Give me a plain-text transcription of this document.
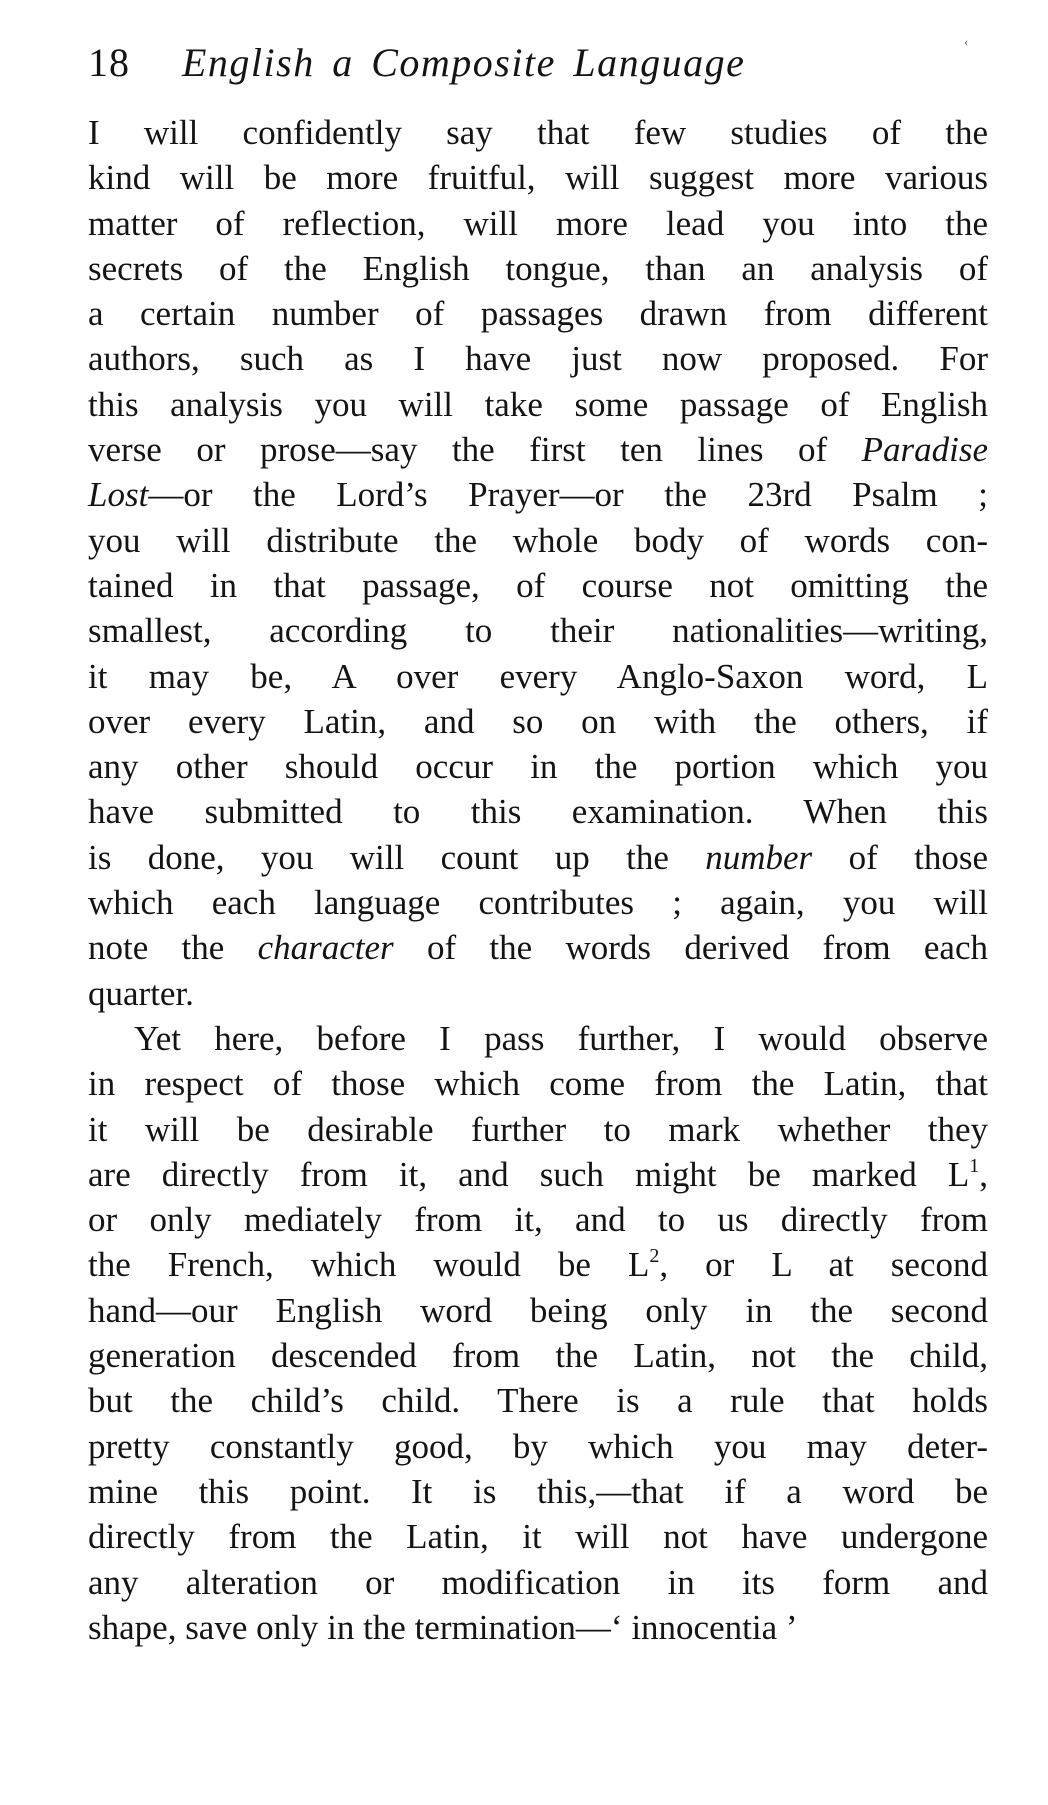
18 English a Composite Language	‹
I will confidently say that few studies of the
kind will be more fruitful, will suggest more various
matter of reflection, will more lead you into the
secrets of the English tongue, than an analysis of
a certain number of passages drawn from different
authors, such as I have just now proposed. For
this analysis you will take some passage of English
verse or prose—say the first ten lines of Paradise
Lost—or the Lord’s Prayer—or the 23rd Psalm ;
you will distribute the whole body of words con-
tained in that passage, of course not omitting the
smallest, according to their nationalities—writing,
it may be, A over every Anglo-Saxon word, L
over every Latin, and so on with the others, if
any other should occur in the portion which you
have submitted to this examination. When this
is done, you will count up the number of those
which each language contributes ; again, you will
note the character of the words derived from each
quarter.
Yet here, before I pass further, I would observe
in respect of those which come from the Latin, that
it will be desirable further to mark whether they
are directly from it, and such might be marked $L^1$,
or only mediately from it, and to us directly from
the French, which would be $L^2$, or L at second
hand—our English word being only in the second
generation descended from the Latin, not the child,
but the child’s child. There is a rule that holds
pretty constantly good, by which you may deter-
mine this point. It is this,—that if a word be
directly from the Latin, it will not have undergone
any alteration or modification in its form and
shape, save only in the termination—‘ innocentia ’
